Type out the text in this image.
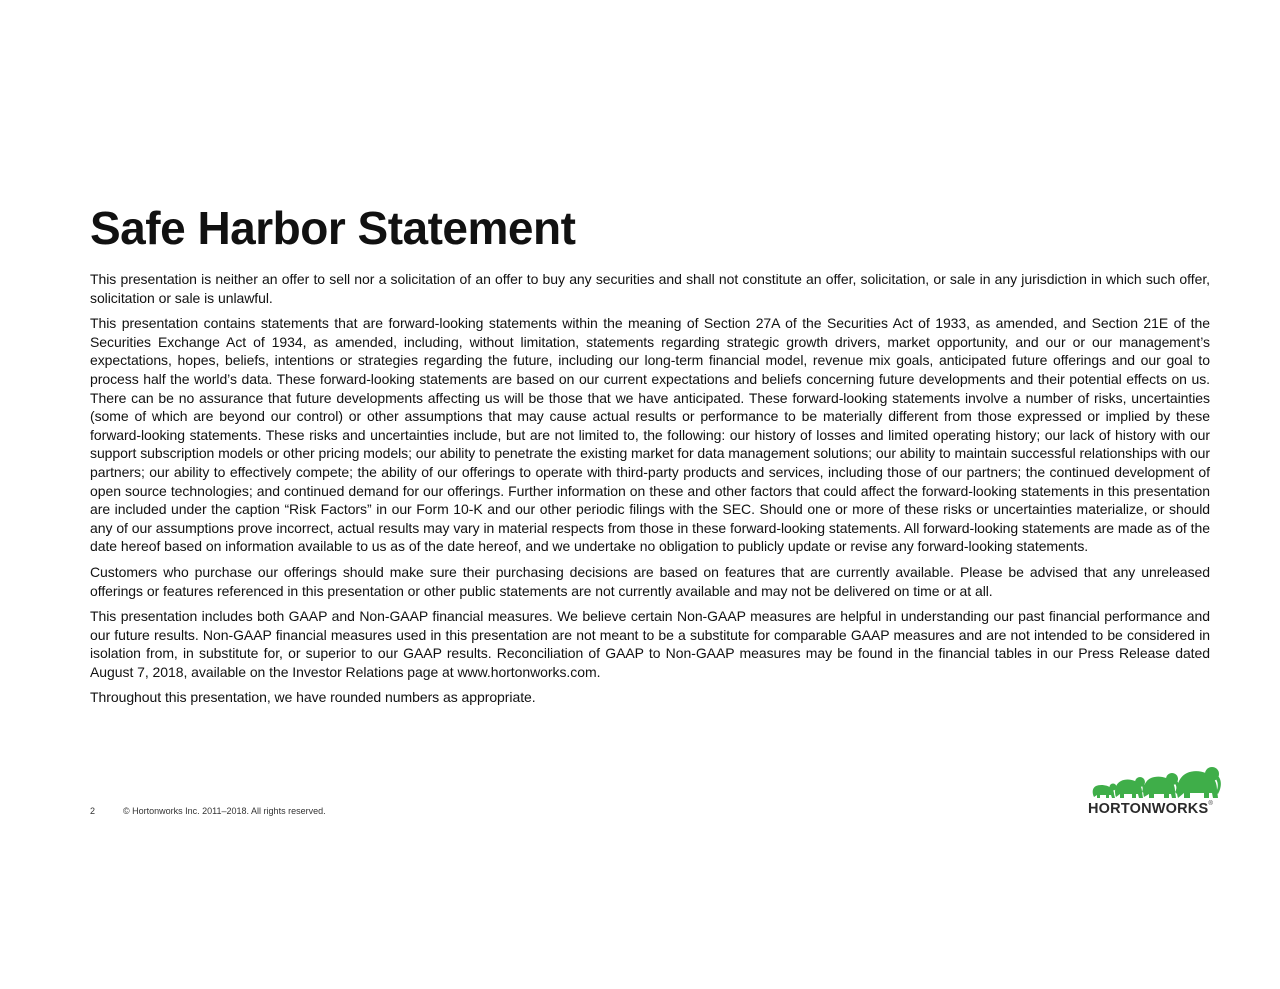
Safe Harbor Statement

This presentation is neither an offer to sell nor a solicitation of an offer to buy any securities and shall not constitute an offer, solicitation, or sale in any jurisdiction in which such offer, solicitation or sale is unlawful.

This presentation contains statements that are forward-looking statements within the meaning of Section 27A of the Securities Act of 1933, as amended, and Section 21E of the Securities Exchange Act of 1934, as amended, including, without limitation, statements regarding strategic growth drivers, market opportunity, and our or our management’s expectations, hopes, beliefs, intentions or strategies regarding the future, including our long-term financial model, revenue mix goals, anticipated future offerings and our goal to process half the world’s data. These forward-looking statements are based on our current expectations and beliefs concerning future developments and their potential effects on us. There can be no assurance that future developments affecting us will be those that we have anticipated. These forward-looking statements involve a number of risks, uncertainties (some of which are beyond our control) or other assumptions that may cause actual results or performance to be materially different from those expressed or implied by these forward-looking statements. These risks and uncertainties include, but are not limited to, the following: our history of losses and limited operating history; our lack of history with our support subscription models or other pricing models; our ability to penetrate the existing market for data management solutions; our ability to maintain successful relationships with our partners; our ability to effectively compete; the ability of our offerings to operate with third-party products and services, including those of our partners; the continued development of open source technologies; and continued demand for our offerings. Further information on these and other factors that could affect the forward-looking statements in this presentation are included under the caption “Risk Factors” in our Form 10-K and our other periodic filings with the SEC. Should one or more of these risks or uncertainties materialize, or should any of our assumptions prove incorrect, actual results may vary in material respects from those in these forward-looking statements. All forward-looking statements are made as of the date hereof based on information available to us as of the date hereof, and we undertake no obligation to publicly update or revise any forward-looking statements.

Customers who purchase our offerings should make sure their purchasing decisions are based on features that are currently available. Please be advised that any unreleased offerings or features referenced in this presentation or other public statements are not currently available and may not be delivered on time or at all.

This presentation includes both GAAP and Non-GAAP financial measures. We believe certain Non-GAAP measures are helpful in understanding our past financial performance and our future results. Non-GAAP financial measures used in this presentation are not meant to be a substitute for comparable GAAP measures and are not intended to be considered in isolation from, in substitute for, or superior to our GAAP results. Reconciliation of GAAP to Non-GAAP measures may be found in the financial tables in our Press Release dated August 7, 2018, available on the Investor Relations page at www.hortonworks.com.

Throughout this presentation, we have rounded numbers as appropriate.

2	© Hortonworks Inc. 2011–2018. All rights reserved.	HORTONWORKS®
